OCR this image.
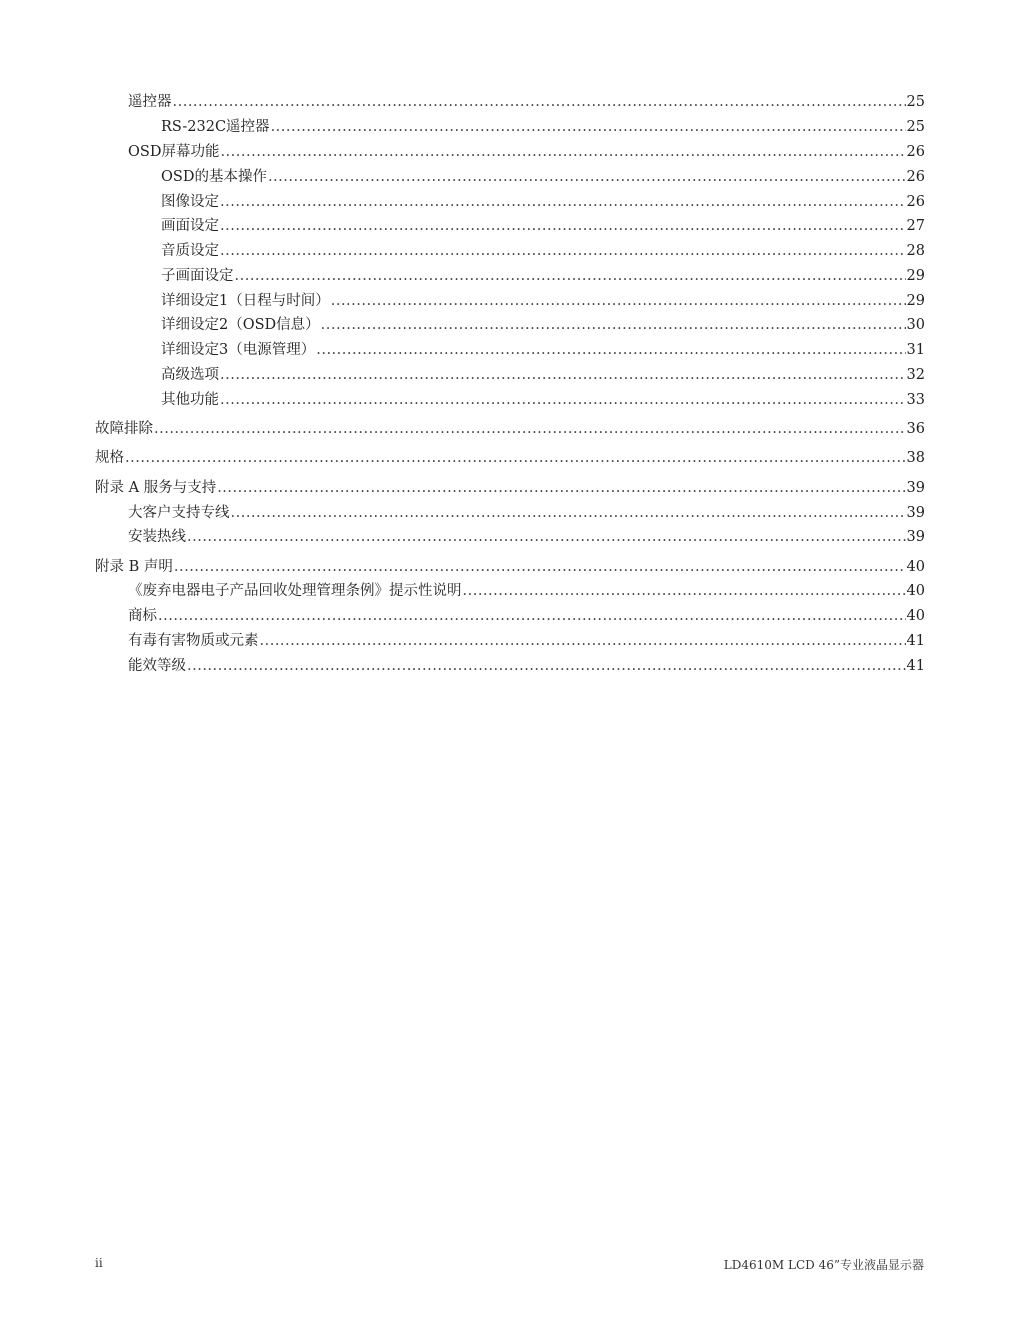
遥控器 .....	25
RS-232C遥控器 .....	25
OSD屏幕功能 .....	26
OSD的基本操作 .....	26
图像设定 .....	26
画面设定 .....	27
音质设定 .....	28
子画面设定 .....	29
详细设定1（日程与时间） .....	29
详细设定2（OSD信息） .....	30
详细设定3（电源管理） .....	31
高级选项 .....	32
其他功能 .....	33
故障排除 .....	36
规格 .....	38
附录 A 服务与支持 .....	39
大客户支持专线 .....	39
安装热线 .....	39
附录 B 声明 .....	40
《废弃电器电子产品回收处理管理条例》提示性说明 .....	40
商标 .....	40
有毒有害物质或元素 .....	41
能效等级 .....	41
ii	LD4610M LCD 46”专业液晶显示器
